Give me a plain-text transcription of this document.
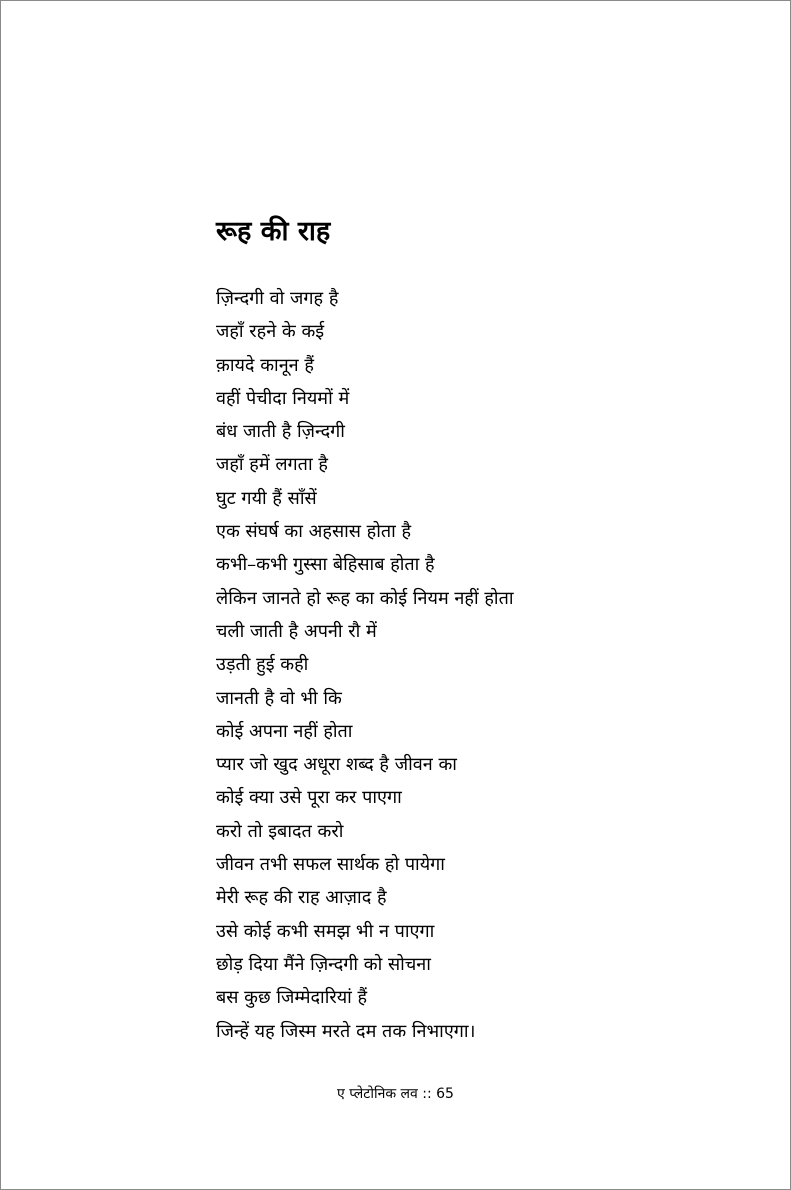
रूह की राह
ज़िन्दगी वो जगह है
जहाँ रहने के कई
क़ायदे कानून हैं
वहीं पेचीदा नियमों में
बंध जाती है ज़िन्दगी
जहाँ हमें लगता है
घुट गयी हैं साँसें
एक संघर्ष का अहसास होता है
कभी–कभी गुस्सा बेहिसाब होता है
लेकिन जानते हो रूह का कोई नियम नहीं होता
चली जाती है अपनी रौ में
उड़ती हुई कही
जानती है वो भी कि
कोई अपना नहीं होता
प्यार जो खुद अधूरा शब्द है जीवन का
कोई क्या उसे पूरा कर पाएगा
करो तो इबादत करो
जीवन तभी सफल सार्थक हो पायेगा
मेरी रूह की राह आज़ाद है
उसे कोई कभी समझ भी न पाएगा
छोड़ दिया मैंने ज़िन्दगी को सोचना
बस कुछ जिम्मेदारियां हैं
जिन्हें यह जिस्म मरते दम तक निभाएगा।
ए प्लेटोनिक लव :: 65
